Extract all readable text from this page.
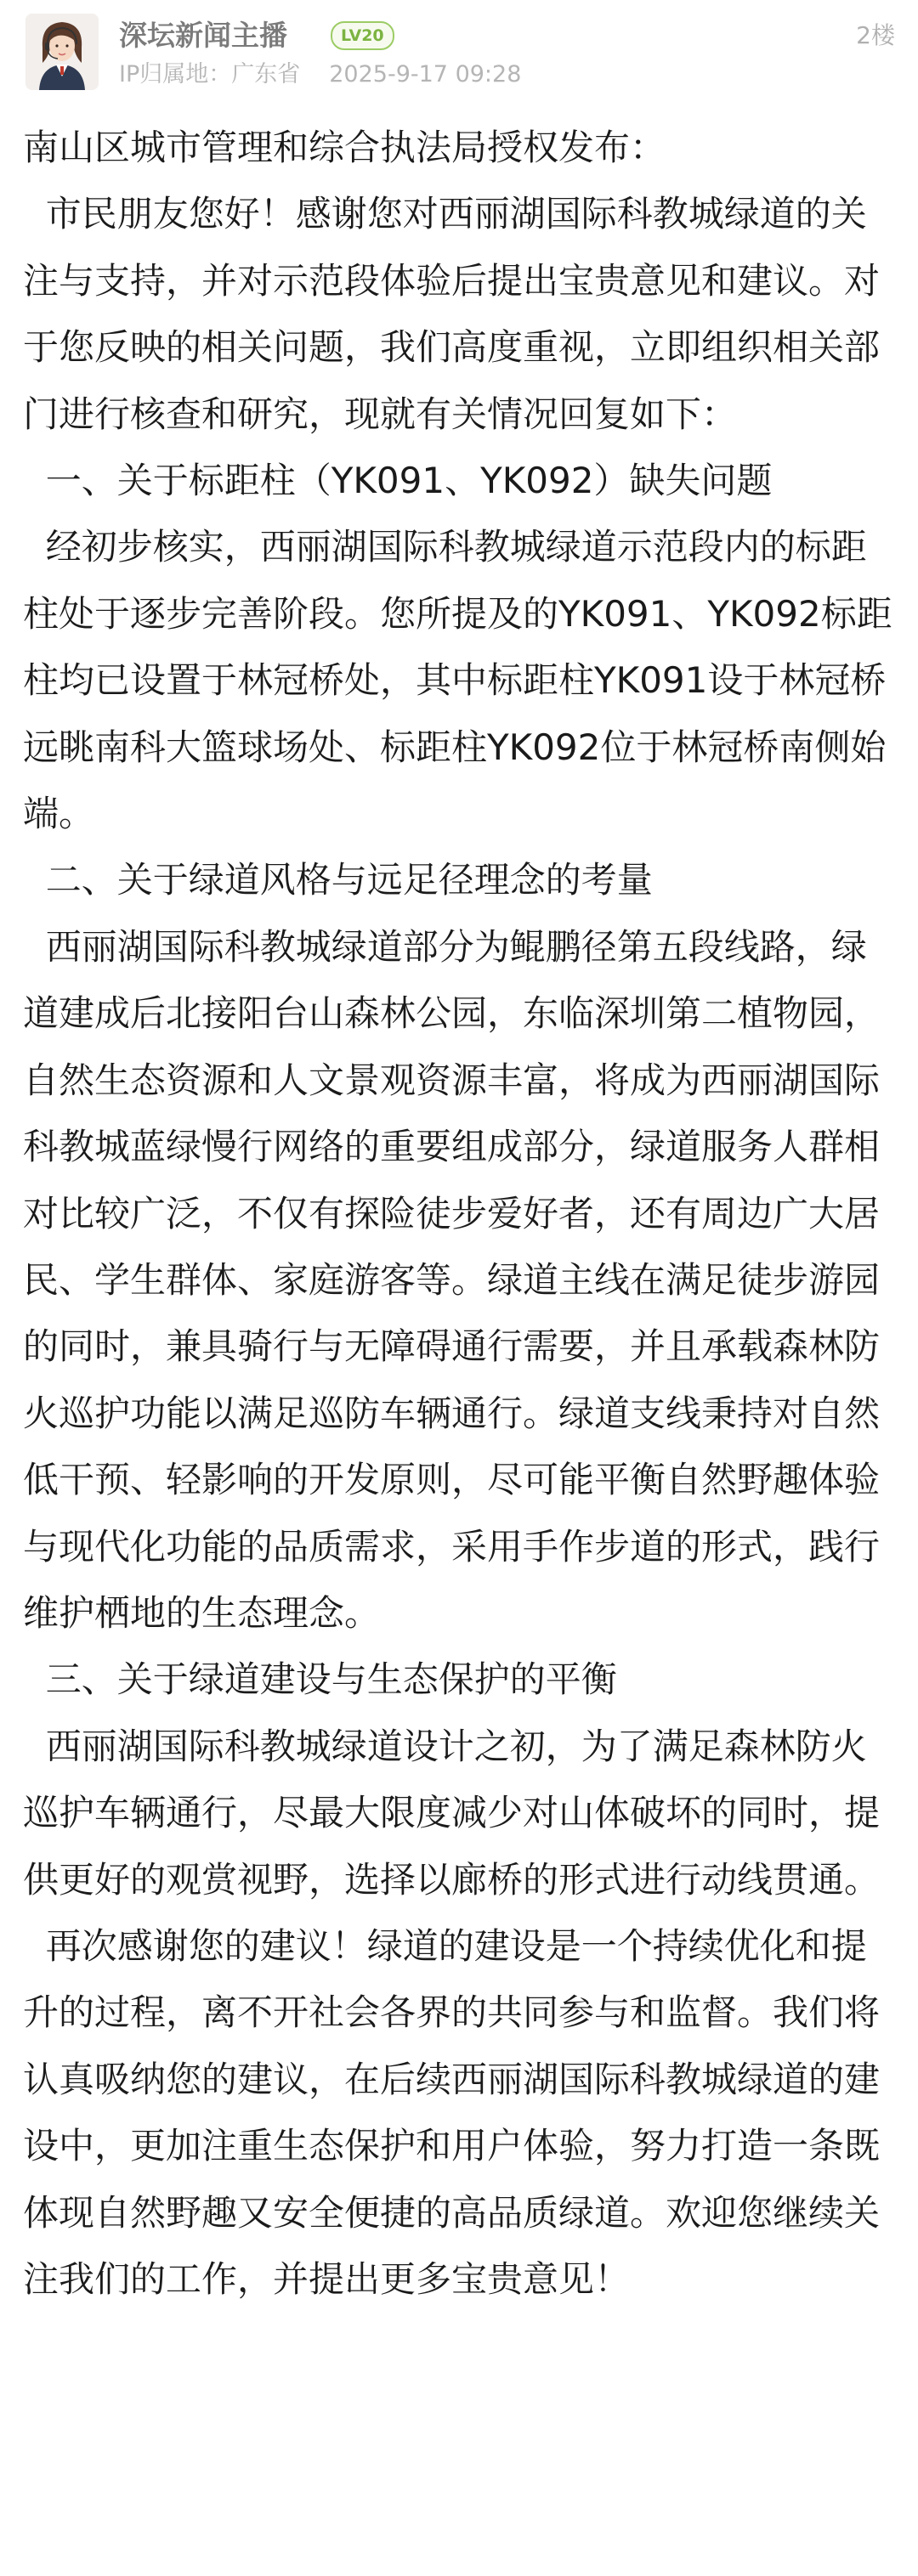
深坛新闻主播	LV20
IP归属地：广东省 2025-9-17 09:28
2楼

南山区城市管理和综合执法局授权发布：

市民朋友您好！感谢您对西丽湖国际科教城绿道的关注与支持，并对示范段体验后提出宝贵意见和建议。对于您反映的相关问题，我们高度重视，立即组织相关部门进行核查和研究，现就有关情况回复如下：

一、关于标距柱（YK091、YK092）缺失问题

经初步核实，西丽湖国际科教城绿道示范段内的标距柱处于逐步完善阶段。您所提及的YK091、YK092标距柱均已设置于林冠桥处，其中标距柱YK091设于林冠桥远眺南科大篮球场处、标距柱YK092位于林冠桥南侧始端。

二、关于绿道风格与远足径理念的考量

西丽湖国际科教城绿道部分为鲲鹏径第五段线路，绿道建成后北接阳台山森林公园，东临深圳第二植物园，自然生态资源和人文景观资源丰富，将成为西丽湖国际科教城蓝绿慢行网络的重要组成部分，绿道服务人群相对比较广泛，不仅有探险徒步爱好者，还有周边广大居民、学生群体、家庭游客等。绿道主线在满足徒步游园的同时，兼具骑行与无障碍通行需要，并且承载森林防火巡护功能以满足巡防车辆通行。绿道支线秉持对自然低干预、轻影响的开发原则，尽可能平衡自然野趣体验与现代化功能的品质需求，采用手作步道的形式，践行维护栖地的生态理念。

三、关于绿道建设与生态保护的平衡

西丽湖国际科教城绿道设计之初，为了满足森林防火巡护车辆通行，尽最大限度减少对山体破坏的同时，提供更好的观赏视野，选择以廊桥的形式进行动线贯通。

再次感谢您的建议！绿道的建设是一个持续优化和提升的过程，离不开社会各界的共同参与和监督。我们将认真吸纳您的建议，在后续西丽湖国际科教城绿道的建设中，更加注重生态保护和用户体验，努力打造一条既体现自然野趣又安全便捷的高品质绿道。欢迎您继续关注我们的工作，并提出更多宝贵意见！
